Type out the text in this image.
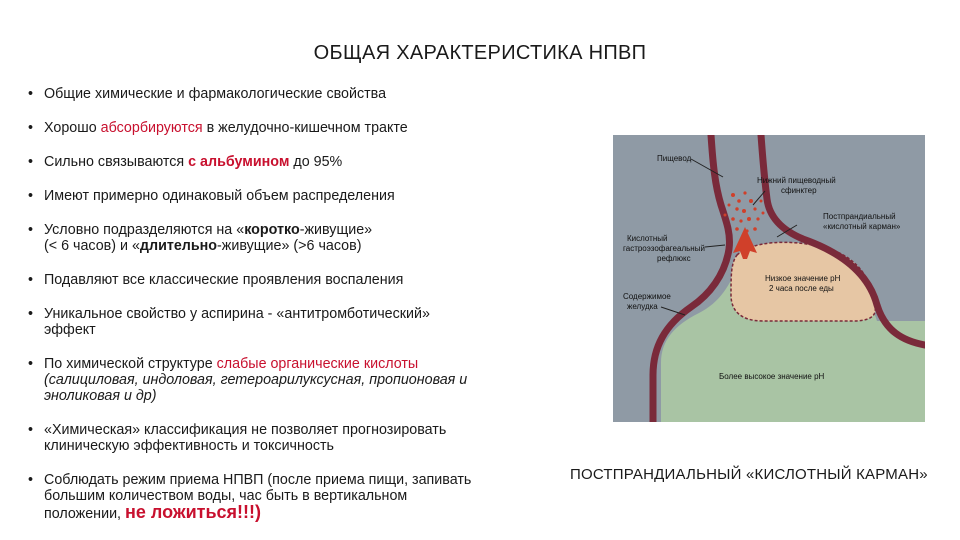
ОБЩАЯ ХАРАКТЕРИСТИКА НПВП
• Общие химические и фармакологические свойства
• Хорошо абсорбируются в желудочно-кишечном тракте
• Сильно связываются с альбумином до 95%
• Имеют примерно одинаковый объем распределения
• Условно подразделяются на «коротко-живущие»
(< 6 часов) и «длительно-живущие» (>6 часов)
• Подавляют все классические проявления воспаления
• Уникальное свойство у аспирина - «антитромботический»
эффект
• По химической структуре слабые органические кислоты
(салициловая, индоловая, гетероарилуксусная, пропионовая и
эноликовая и др)
• «Химическая» классификация не позволяет прогнозировать
клиническую эффективность и токсичность
• Соблюдать режим приема НПВП (после приема пищи, запивать
большим количеством воды, час быть в вертикальном
положении, не ложиться!!!)
Пищевод
Нижний пищеводный
сфинктер
Постпрандиальный
«кислотный карман»
Кислотный
гастроэзофагеальный
рефлюкс
Низкое значение pH
2 часа после еды
Содержимое
желудка
Более высокое значение pH
ПОСТПРАНДИАЛЬНЫЙ «КИСЛОТНЫЙ КАРМАН»
